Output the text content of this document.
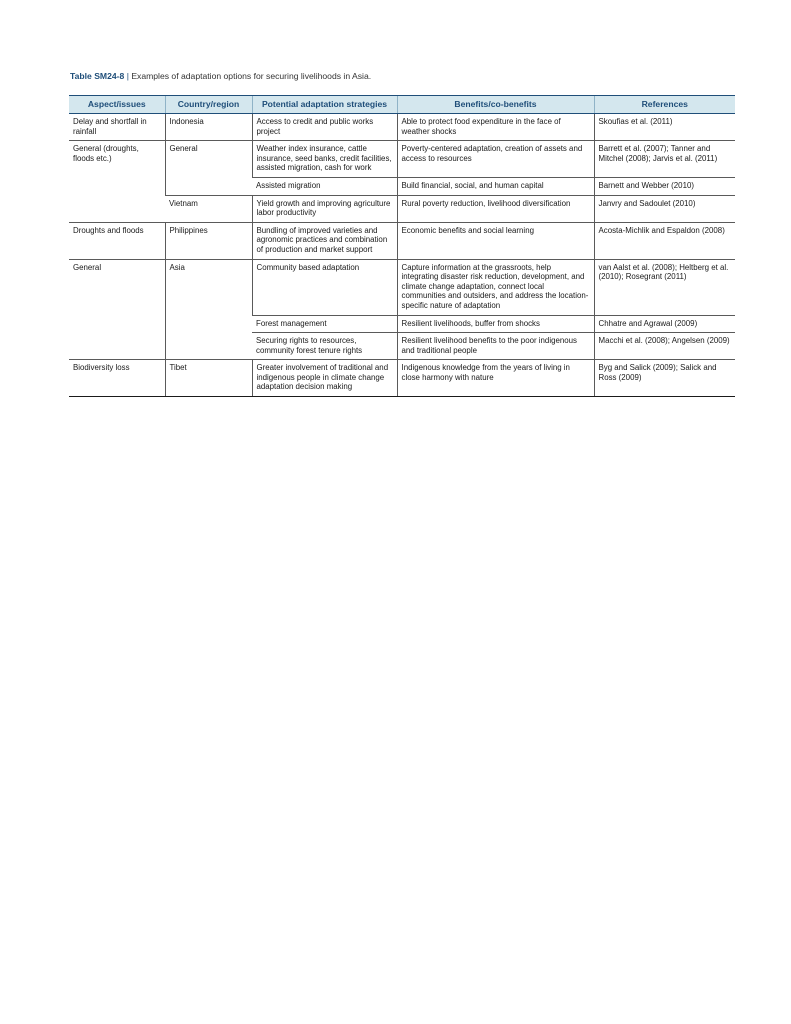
Table SM24-8 | Examples of adaptation options for securing livelihoods in Asia.
Aspect/issues	Country/region	Potential adaptation strategies	Benefits/co-benefits	References
Delay and shortfall in rainfall	Indonesia	Access to credit and public works project	Able to protect food expenditure in the face of weather shocks	Skoufias et al. (2011)
General (droughts, floods etc.)	General	Weather index insurance, cattle insurance, seed banks, credit facilities, assisted migration, cash for work	Poverty-centered adaptation, creation of assets and access to resources	Barrett et al. (2007); Tanner and Mitchel (2008); Jarvis et al. (2011)
		Assisted migration	Build financial, social, and human capital	Barnett and Webber (2010)
	Vietnam	Yield growth and improving agriculture labor productivity	Rural poverty reduction, livelihood diversification	Janvry and Sadoulet (2010)
Droughts and floods	Philippines	Bundling of improved varieties and agronomic practices and combination of production and market support	Economic benefits and social learning	Acosta-Michlik and Espaldon (2008)
General	Asia	Community based adaptation	Capture information at the grassroots, help integrating disaster risk reduction, development, and climate change adaptation, connect local communities and outsiders, and address the location-specific nature of adaptation	van Aalst et al. (2008); Heltberg et al. (2010); Rosegrant (2011)
		Forest management	Resilient livelihoods, buffer from shocks	Chhatre and Agrawal (2009)
		Securing rights to resources, community forest tenure rights	Resilient livelihood benefits to the poor indigenous and traditional people	Macchi et al. (2008); Angelsen (2009)
Biodiversity loss	Tibet	Greater involvement of traditional and indigenous people in climate change adaptation decision making	Indigenous knowledge from the years of living in close harmony with nature	Byg and Salick (2009); Salick and Ross (2009)
